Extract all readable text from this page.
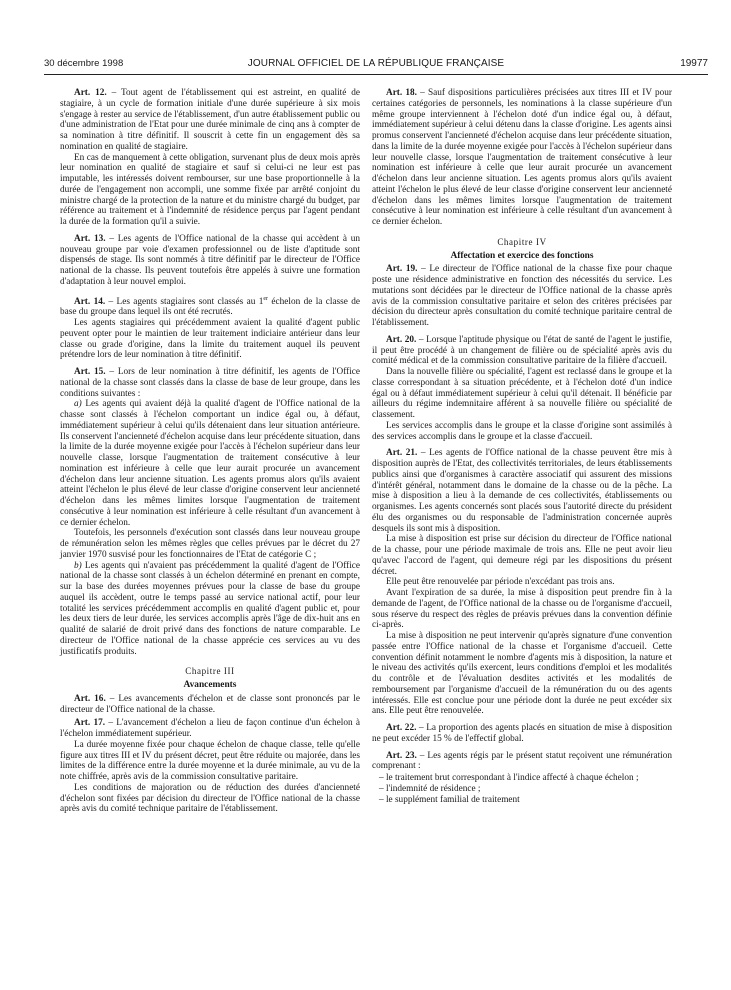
30 décembre 1998	JOURNAL OFFICIEL DE LA RÉPUBLIQUE FRANÇAISE	19977

Art. 12. – Tout agent de l'établissement qui est astreint, en qualité de stagiaire, à un cycle de formation initiale d'une durée supérieure à six mois s'engage à rester au service de l'établissement, d'un autre établissement public ou d'une administration de l'Etat pour une durée minimale de cinq ans à compter de sa nomination à titre définitif. Il souscrit à cette fin un engagement dès sa nomination en qualité de stagiaire.

En cas de manquement à cette obligation, survenant plus de deux mois après leur nomination en qualité de stagiaire et sauf si celui-ci ne leur est pas imputable, les intéressés doivent rembourser, sur une base proportionnelle à la durée de l'engagement non accompli, une somme fixée par arrêté conjoint du ministre chargé de la protection de la nature et du ministre chargé du budget, par référence au traitement et à l'indemnité de résidence perçus par l'agent pendant la durée de la formation qu'il a suivie.

Art. 13. – Les agents de l'Office national de la chasse qui accèdent à un nouveau groupe par voie d'examen professionnel ou de liste d'aptitude sont dispensés de stage. Ils sont nommés à titre définitif par le directeur de l'Office national de la chasse. Ils peuvent toutefois être appelés à suivre une formation d'adaptation à leur nouvel emploi.

Art. 14. – Les agents stagiaires sont classés au 1er échelon de la classe de base du groupe dans lequel ils ont été recrutés.

Les agents stagiaires qui précédemment avaient la qualité d'agent public peuvent opter pour le maintien de leur traitement indiciaire antérieur dans leur classe ou grade d'origine, dans la limite du traitement auquel ils peuvent prétendre lors de leur nomination à titre définitif.

Art. 15. – Lors de leur nomination à titre définitif, les agents de l'Office national de la chasse sont classés dans la classe de base de leur groupe, dans les conditions suivantes :

a) Les agents qui avaient déjà la qualité d'agent de l'Office national de la chasse sont classés à l'échelon comportant un indice égal ou, à défaut, immédiatement supérieur à celui qu'ils détenaient dans leur situation antérieure. Ils conservent l'ancienneté d'échelon acquise dans leur précédente situation, dans la limite de la durée moyenne exigée pour l'accès à l'échelon supérieur dans leur nouvelle classe, lorsque l'augmentation de traitement consécutive à leur nomination est inférieure à celle que leur aurait procurée un avancement d'échelon dans leur ancienne situation. Les agents promus alors qu'ils avaient atteint l'échelon le plus élevé de leur classe d'origine conservent leur ancienneté d'échelon dans les mêmes limites lorsque l'augmentation de traitement consécutive à leur nomination est inférieure à celle résultant d'un avancement à ce dernier échelon.

Toutefois, les personnels d'exécution sont classés dans leur nouveau groupe de rémunération selon les mêmes règles que celles prévues par le décret du 27 janvier 1970 susvisé pour les fonctionnaires de l'Etat de catégorie C ;

b) Les agents qui n'avaient pas précédemment la qualité d'agent de l'Office national de la chasse sont classés à un échelon déterminé en prenant en compte, sur la base des durées moyennes prévues pour la classe de base du groupe auquel ils accèdent, outre le temps passé au service national actif, pour leur totalité les services précédemment accomplis en qualité d'agent public et, pour les deux tiers de leur durée, les services accomplis après l'âge de dix-huit ans en qualité de salarié de droit privé dans des fonctions de nature comparable. Le directeur de l'Office national de la chasse apprécie ces services au vu des justificatifs produits.

Chapitre III
Avancements

Art. 16. – Les avancements d'échelon et de classe sont prononcés par le directeur de l'Office national de la chasse.

Art. 17. – L'avancement d'échelon a lieu de façon continue d'un échelon à l'échelon immédiatement supérieur.

La durée moyenne fixée pour chaque échelon de chaque classe, telle qu'elle figure aux titres III et IV du présent décret, peut être réduite ou majorée, dans les limites de la différence entre la durée moyenne et la durée minimale, au vu de la note chiffrée, après avis de la commission consultative paritaire.

Les conditions de majoration ou de réduction des durées d'ancienneté d'échelon sont fixées par décision du directeur de l'Office national de la chasse après avis du comité technique paritaire de l'établissement.

Art. 18. – Sauf dispositions particulières précisées aux titres III et IV pour certaines catégories de personnels, les nominations à la classe supérieure d'un même groupe interviennent à l'échelon doté d'un indice égal ou, à défaut, immédiatement supérieur à celui détenu dans la classe d'origine. Les agents ainsi promus conservent l'ancienneté d'échelon acquise dans leur précédente situation, dans la limite de la durée moyenne exigée pour l'accès à l'échelon supérieur dans leur nouvelle classe, lorsque l'augmentation de traitement consécutive à leur nomination est inférieure à celle que leur aurait procurée un avancement d'échelon dans leur ancienne situation. Les agents promus alors qu'ils avaient atteint l'échelon le plus élevé de leur classe d'origine conservent leur ancienneté d'échelon dans les mêmes limites lorsque l'augmentation de traitement consécutive à leur nomination est inférieure à celle résultant d'un avancement à ce dernier échelon.

Chapitre IV
Affectation et exercice des fonctions

Art. 19. – Le directeur de l'Office national de la chasse fixe pour chaque poste une résidence administrative en fonction des nécessités du service. Les mutations sont décidées par le directeur de l'Office national de la chasse après avis de la commission consultative paritaire et selon des critères précisées par décision du directeur après consultation du comité technique paritaire central de l'établissement.

Art. 20. – Lorsque l'aptitude physique ou l'état de santé de l'agent le justifie, il peut être procédé à un changement de filière ou de spécialité après avis du comité médical et de la commission consultative paritaire de la filière d'accueil.

Dans la nouvelle filière ou spécialité, l'agent est reclassé dans le groupe et la classe correspondant à sa situation précédente, et à l'échelon doté d'un indice égal ou à défaut immédiatement supérieur à celui qu'il détenait. Il bénéficie par ailleurs du régime indemnitaire afférent à sa nouvelle filière ou spécialité de classement.

Les services accomplis dans le groupe et la classe d'origine sont assimilés à des services accomplis dans le groupe et la classe d'accueil.

Art. 21. – Les agents de l'Office national de la chasse peuvent être mis à disposition auprès de l'Etat, des collectivités territoriales, de leurs établissements publics ainsi que d'organismes à caractère associatif qui assurent des missions d'intérêt général, notamment dans le domaine de la chasse ou de la pêche. La mise à disposition a lieu à la demande de ces collectivités, établissements ou organismes. Les agents concernés sont placés sous l'autorité directe du président élu des organismes ou du responsable de l'administration concernée auprès desquels ils sont mis à disposition.

La mise à disposition est prise sur décision du directeur de l'Office national de la chasse, pour une période maximale de trois ans. Elle ne peut avoir lieu qu'avec l'accord de l'agent, qui demeure régi par les dispositions du présent décret.

Elle peut être renouvelée par période n'excédant pas trois ans.

Avant l'expiration de sa durée, la mise à disposition peut prendre fin à la demande de l'agent, de l'Office national de la chasse ou de l'organisme d'accueil, sous réserve du respect des règles de préavis prévues dans la convention définie ci-après.

La mise à disposition ne peut intervenir qu'après signature d'une convention passée entre l'Office national de la chasse et l'organisme d'accueil. Cette convention définit notamment le nombre d'agents mis à disposition, la nature et le niveau des activités qu'ils exercent, leurs conditions d'emploi et les modalités du contrôle et de l'évaluation desdites activités et les modalités de remboursement par l'organisme d'accueil de la rémunération du ou des agents intéressés. Elle est conclue pour une période dont la durée ne peut excéder six ans. Elle peut être renouvelée.

Art. 22. – La proportion des agents placés en situation de mise à disposition ne peut excéder 15 % de l'effectif global.

Art. 23. – Les agents régis par le présent statut reçoivent une rémunération comprenant :

– le traitement brut correspondant à l'indice affecté à chaque échelon ;
– l'indemnité de résidence ;
– le supplément familial de traitement
